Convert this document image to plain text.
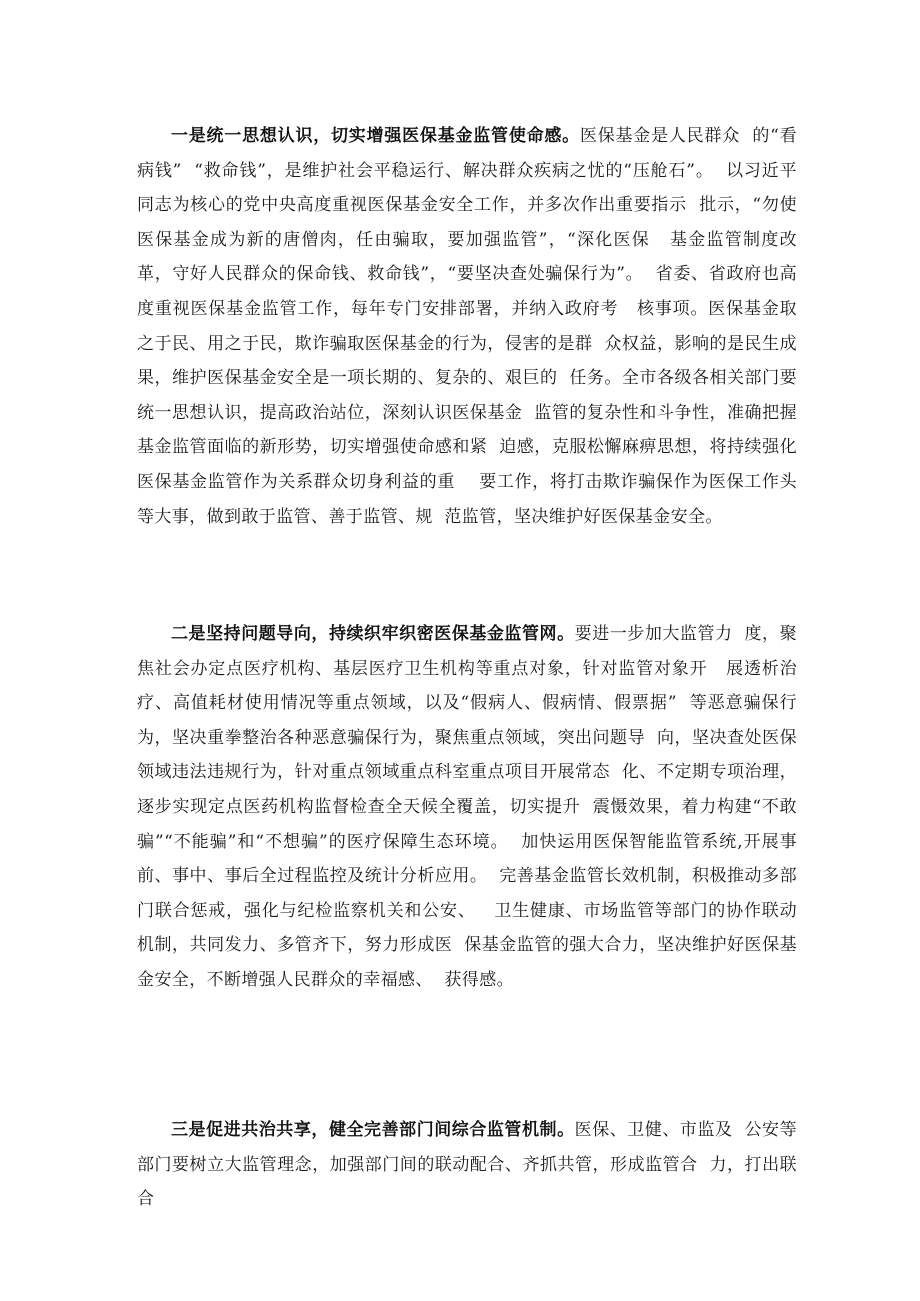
一是统一思想认识，切实增强医保基金监管使命感。医保基金是人民群众  的“看病钱”  “救命钱”，是维护社会平稳运行、解决群众疾病之忧的“压舱石”。  以习近平同志为核心的党中央高度重视医保基金安全工作，并多次作出重要指示  批示，“勿使医保基金成为新的唐僧肉，任由骗取，要加强监管”，“深化医保   基金监管制度改革，守好人民群众的保命钱、救命钱”，“要坚决查处骗保行为”。  省委、省政府也高度重视医保基金监管工作，每年专门安排部署，并纳入政府考   核事项。医保基金取之于民、用之于民，欺诈骗取医保基金的行为，侵害的是群  众权益，影响的是民生成果，维护医保基金安全是一项长期的、复杂的、艰巨的  任务。全市各级各相关部门要统一思想认识，提高政治站位，深刻认识医保基金  监管的复杂性和斗争性，准确把握基金监管面临的新形势，切实增强使命感和紧  迫感，克服松懈麻痹思想，将持续强化医保基金监管作为关系群众切身利益的重    要工作，将打击欺诈骗保作为医保工作头等大事，做到敢于监管、善于监管、规  范监管，坚决维护好医保基金安全。

二是坚持问题导向，持续织牢织密医保基金监管网。要进一步加大监管力  度，聚焦社会办定点医疗机构、基层医疗卫生机构等重点对象，针对监管对象开   展透析治疗、高值耗材使用情况等重点领域，以及“假病人、假病情、假票据”  等恶意骗保行为，坚决重拳整治各种恶意骗保行为，聚焦重点领域，突出问题导  向，坚决查处医保领域违法违规行为，针对重点领域重点科室重点项目开展常态  化、不定期专项治理，逐步实现定点医药机构监督检查全天候全覆盖，切实提升  震慑效果，着力构建“不敢骗”“不能骗”和“不想骗”的医疗保障生态环境。  加快运用医保智能监管系统,开展事前、事中、事后全过程监控及统计分析应用。  完善基金监管长效机制，积极推动多部门联合惩戒，强化与纪检监察机关和公安、   卫生健康、市场监管等部门的协作联动机制，共同发力、多管齐下，努力形成医  保基金监管的强大合力，坚决维护好医保基金安全，不断增强人民群众的幸福感、  获得感。

三是促进共治共享，健全完善部门间综合监管机制。医保、卫健、市监及  公安等部门要树立大监管理念，加强部门间的联动配合、齐抓共管，形成监管合  力，打出联合
